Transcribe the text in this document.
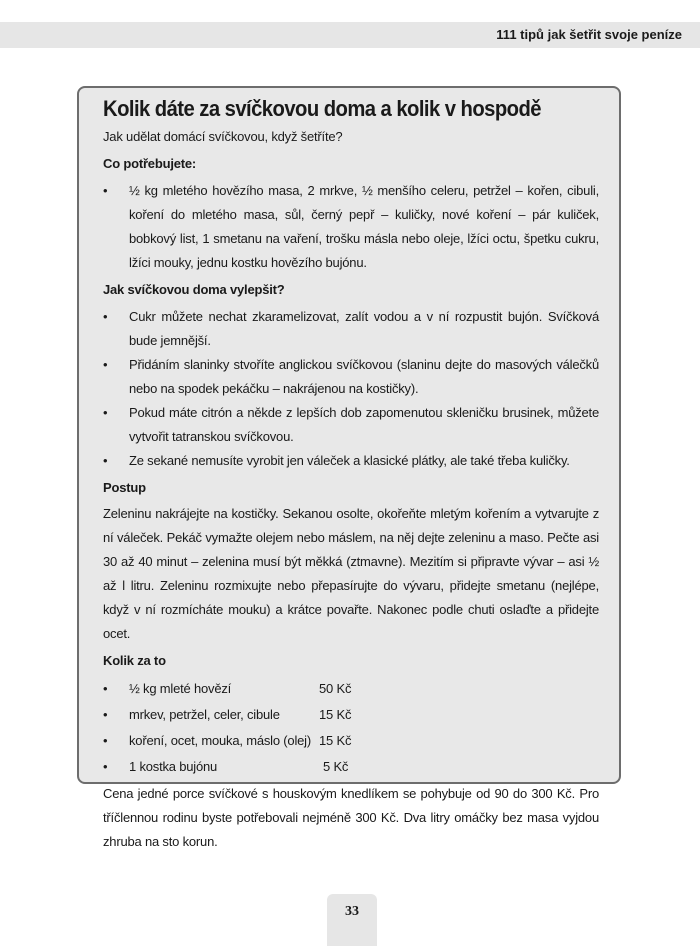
111 tipů jak šetřit svoje peníze
Kolik dáte za svíčkovou doma a kolik v hospodě

Jak udělat domácí svíčkovou, když šetříte?

Co potřebujete:

• ½ kg mletého hovězího masa, 2 mrkve, ½ menšího celeru, petržel – kořen, cibuli, koření do mletého masa, sůl, černý pepř – kuličky, nové koření – pár kuliček, bobkový list, 1 smetanu na vaření, trošku másla nebo oleje, lžíci octu, špetku cukru, lžíci mouky, jednu kostku hovězího bujónu.

Jak svíčkovou doma vylepšit?

• Cukr můžete nechat zkaramelizovat, zalít vodou a v ní rozpustit bujón. Svíčková bude jemnější.
• Přidáním slaninky stvoříte anglickou svíčkovou (slaninu dejte do masových válečků nebo na spodek pekáčku – nakrájenou na kostičky).
• Pokud máte citrón a někde z lepších dob zapomenutou skleničku brusinek, můžete vytvořit tatranskou svíčkovou.
• Ze sekané nemusíte vyrobit jen váleček a klasické plátky, ale také třeba kuličky.

Postup

Zeleninu nakrájejte na kostičky. Sekanou osolte, okořeňte mletým kořením a vytvarujte z ní váleček. Pekáč vymažte olejem nebo máslem, na něj dejte zeleninu a maso. Pečte asi 30 až 40 minut – zelenina musí být měkká (ztmavne). Mezitím si připravte vývar – asi ½ až l litru. Zeleninu rozmixujte nebo přepasírujte do vývaru, přidejte smetanu (nejlépe, když v ní rozmícháte mouku) a krátce povařte. Nakonec podle chuti oslaďte a přidejte ocet.

Kolik za to

• ½ kg mleté hovězí	50 Kč
• mrkev, petržel, celer, cibule	15 Kč
• koření, ocet, mouka, máslo (olej) 15 Kč
• 1 kostka bujónu	5 Kč

Cena jedné porce svíčkové s houskovým knedlíkem se pohybuje od 90 do 300 Kč. Pro tříčlennou rodinu byste potřebovali nejméně 300 Kč. Dva litry omáčky bez masa vyjdou zhruba na sto korun.

33
